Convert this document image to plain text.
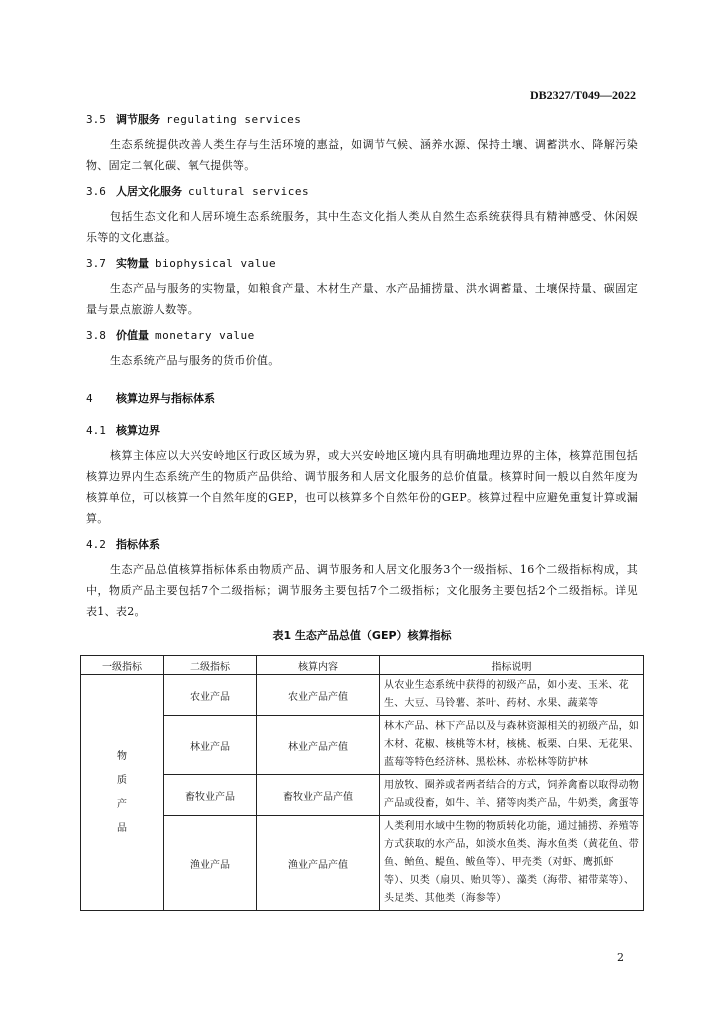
DB2327/T049—2022
3.5 调节服务 regulating services

生态系统提供改善人类生存与生活环境的惠益，如调节气候、涵养水源、保持土壤、调蓄洪水、降解污染物、固定二氧化碳、氧气提供等。

3.6 人居文化服务 cultural services

包括生态文化和人居环境生态系统服务，其中生态文化指人类从自然生态系统获得具有精神感受、休闲娱乐等的文化惠益。

3.7 实物量 biophysical value

生态产品与服务的实物量，如粮食产量、木材生产量、水产品捕捞量、洪水调蓄量、土壤保持量、碳固定量与景点旅游人数等。

3.8 价值量 monetary value

生态系统产品与服务的货币价值。

4 核算边界与指标体系
4.1 核算边界

核算主体应以大兴安岭地区行政区域为界，或大兴安岭地区境内具有明确地理边界的主体，核算范围包括核算边界内生态系统产生的物质产品供给、调节服务和人居文化服务的总价值量。核算时间一般以自然年度为核算单位，可以核算一个自然年度的GEP，也可以核算多个自然年份的GEP。核算过程中应避免重复计算或漏算。

4.2 指标体系

生态产品总值核算指标体系由物质产品、调节服务和人居文化服务3个一级指标、16个二级指标构成，其中，物质产品主要包括7个二级指标；调节服务主要包括7个二级指标；文化服务主要包括2个二级指标。详见表1、表2。

表1 生态产品总值（GEP）核算指标
一级指标	二级指标	核算内容	指标说明

物
质
产
品	农业产品	农业产品产值	从农业生态系统中获得的初级产品，如小麦、玉米、花生、大豆、马铃薯、茶叶、药材、水果、蔬菜等
	林业产品	林业产品产值	林木产品、林下产品以及与森林资源相关的初级产品，如木材、花椒、核桃等木材，核桃、板栗、白果、无花果、蓝莓等特色经济林、黑松林、赤松林等防护林
	畜牧业产品	畜牧业产品产值	用放牧、圈养或者两者结合的方式，饲养禽畜以取得动物产品或役畜，如牛、羊、猪等肉类产品，牛奶类，禽蛋等
	渔业产品	渔业产品产值	人类利用水域中生物的物质转化功能，通过捕捞、养殖等方式获取的水产品，如淡水鱼类、海水鱼类（黄花鱼、带鱼、鲐鱼、鳀鱼、鲅鱼等）、甲壳类（对虾、鹰抓虾等）、贝类（扇贝、贻贝等）、藻类（海带、裙带菜等）、头足类、其他类（海参等）
2
